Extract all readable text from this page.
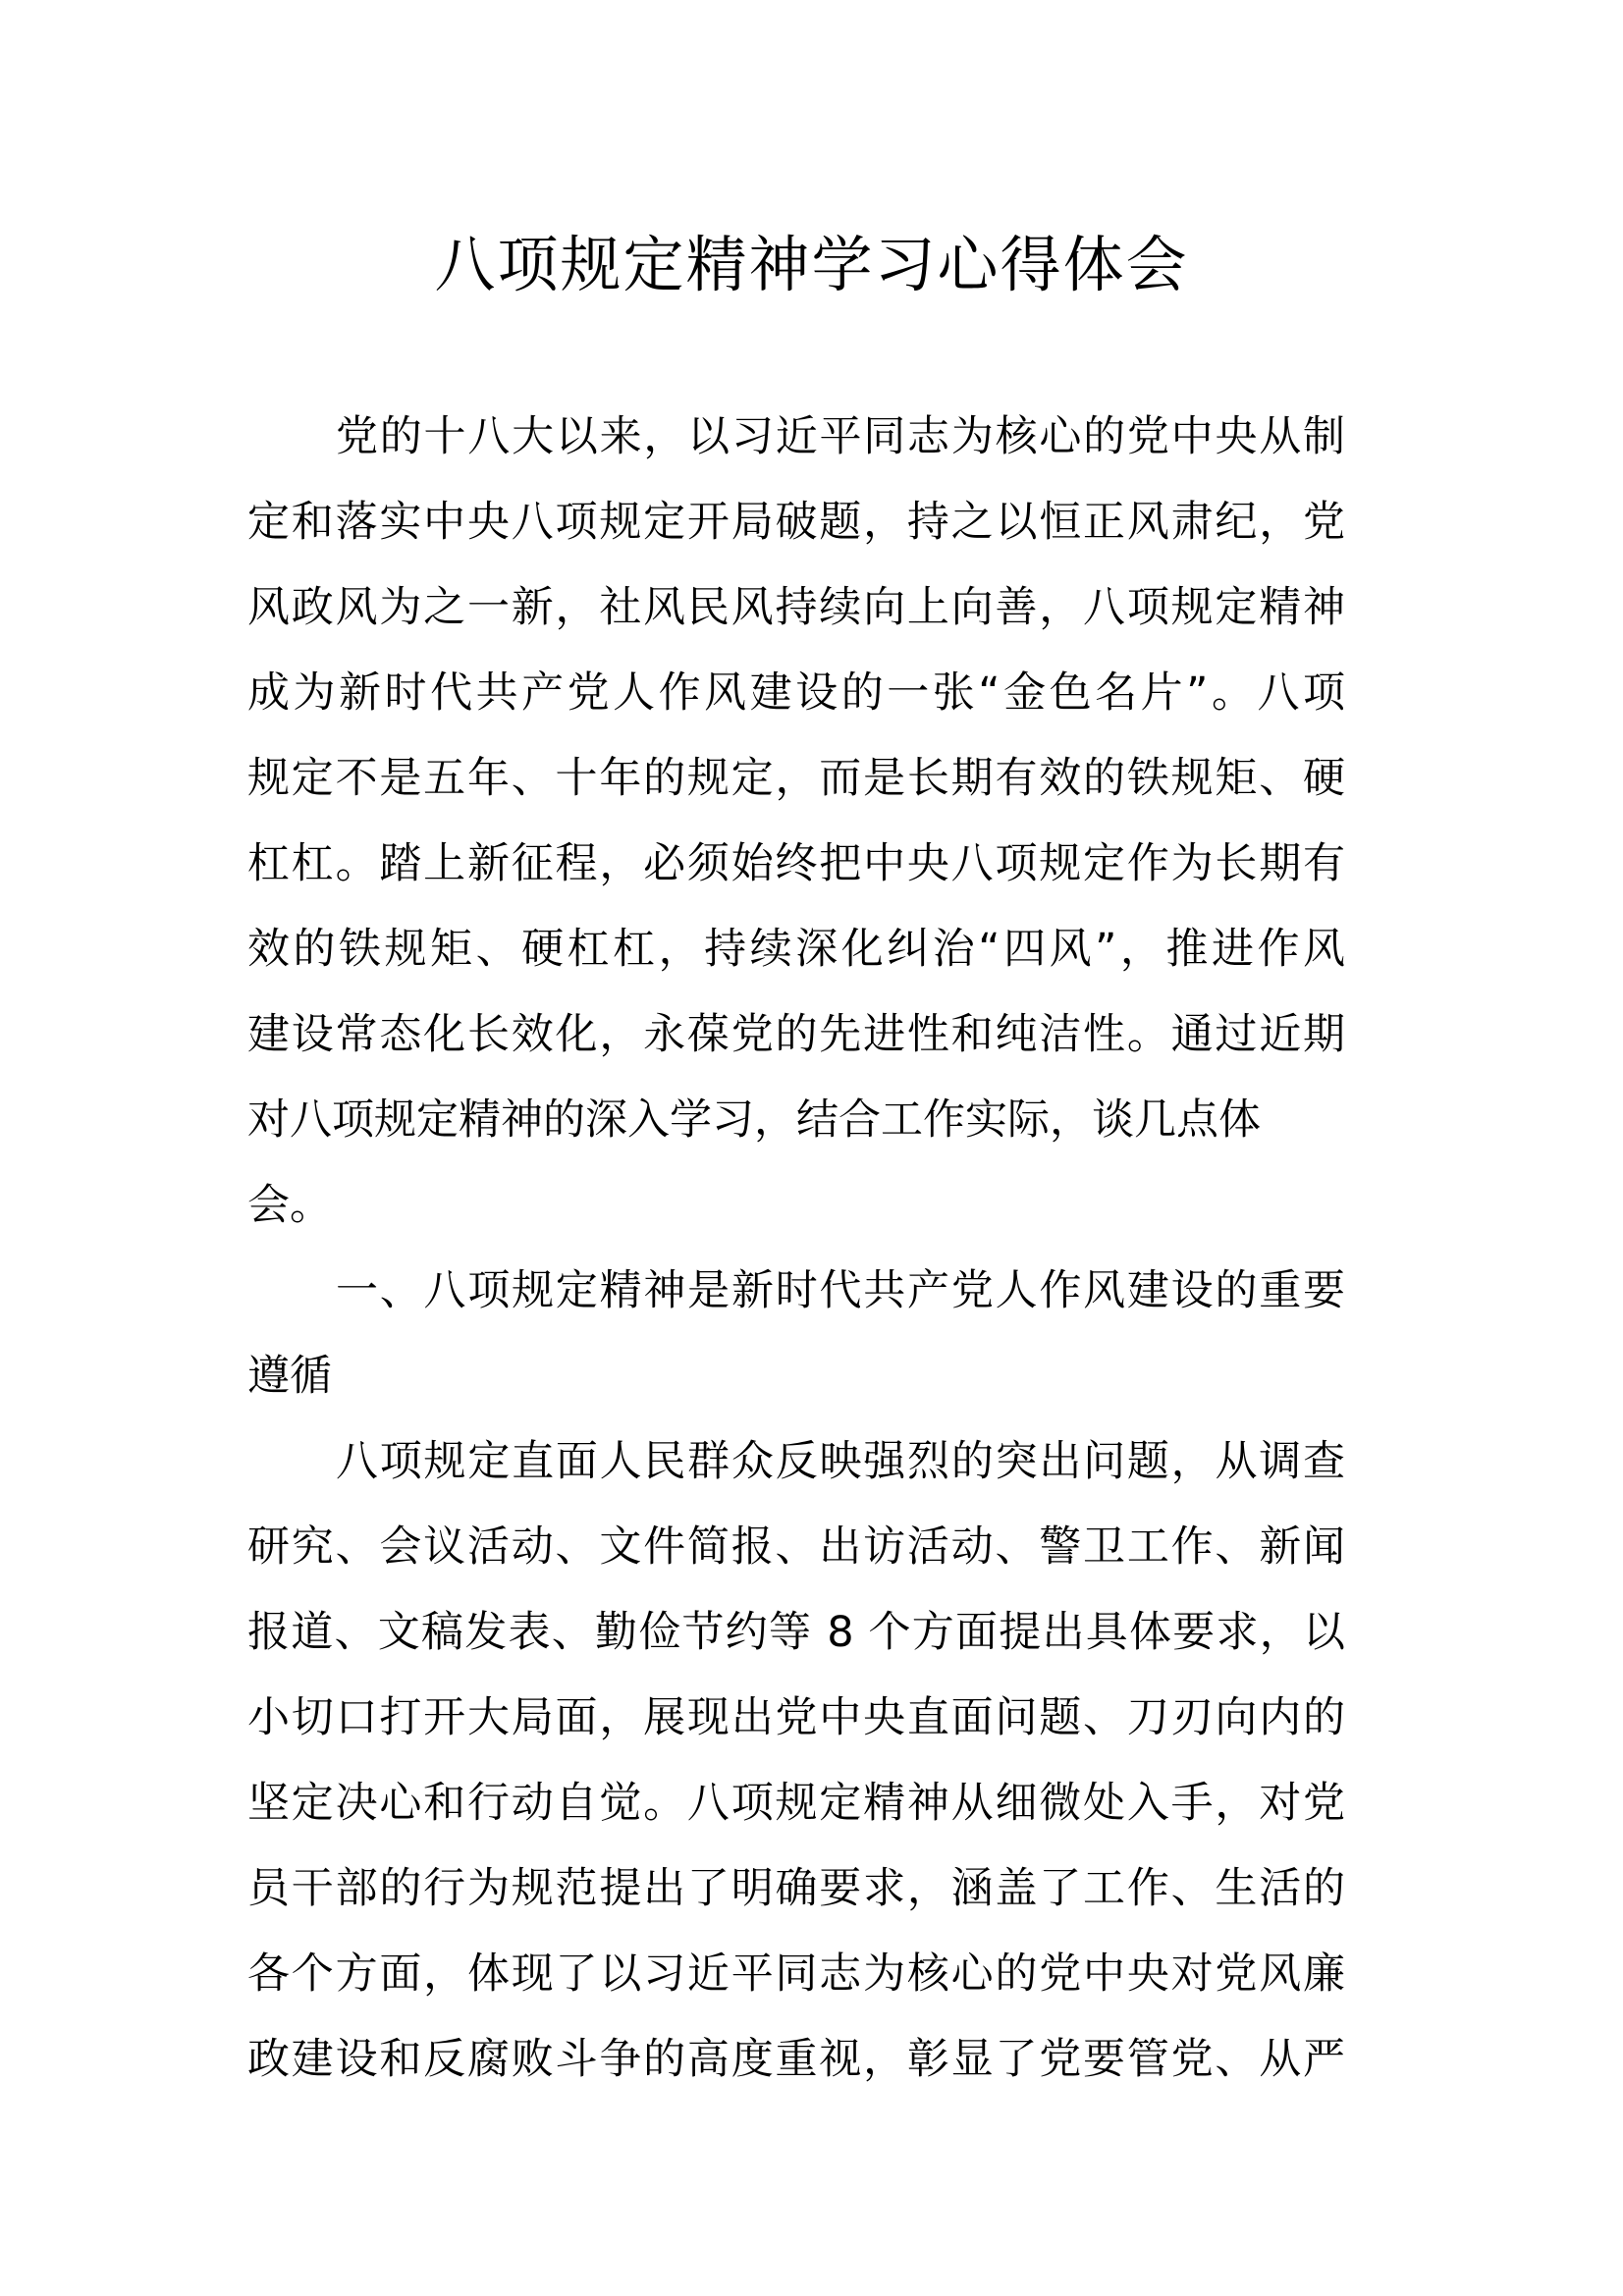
八项规定精神学习心得体会
党的十八大以来，以习近平同志为核心的党中央从制
定和落实中央八项规定开局破题，持之以恒正风肃纪，党
风政风为之一新，社风民风持续向上向善，八项规定精神
成为新时代共产党人作风建设的一张“金色名片”。八项
规定不是五年、十年的规定，而是长期有效的铁规矩、硬
杠杠。踏上新征程，必须始终把中央八项规定作为长期有
效的铁规矩、硬杠杠，持续深化纠治“四风”，推进作风
建设常态化长效化，永葆党的先进性和纯洁性。通过近期
对八项规定精神的深入学习，结合工作实际，谈几点体
会。
一、八项规定精神是新时代共产党人作风建设的重要
遵循
八项规定直面人民群众反映强烈的突出问题，从调查
研究、会议活动、文件简报、出访活动、警卫工作、新闻
报道、文稿发表、勤俭节约等 8 个方面提出具体要求，以
小切口打开大局面，展现出党中央直面问题、刀刃向内的
坚定决心和行动自觉。八项规定精神从细微处入手，对党
员干部的行为规范提出了明确要求，涵盖了工作、生活的
各个方面，体现了以习近平同志为核心的党中央对党风廉
政建设和反腐败斗争的高度重视，彰显了党要管党、从严
